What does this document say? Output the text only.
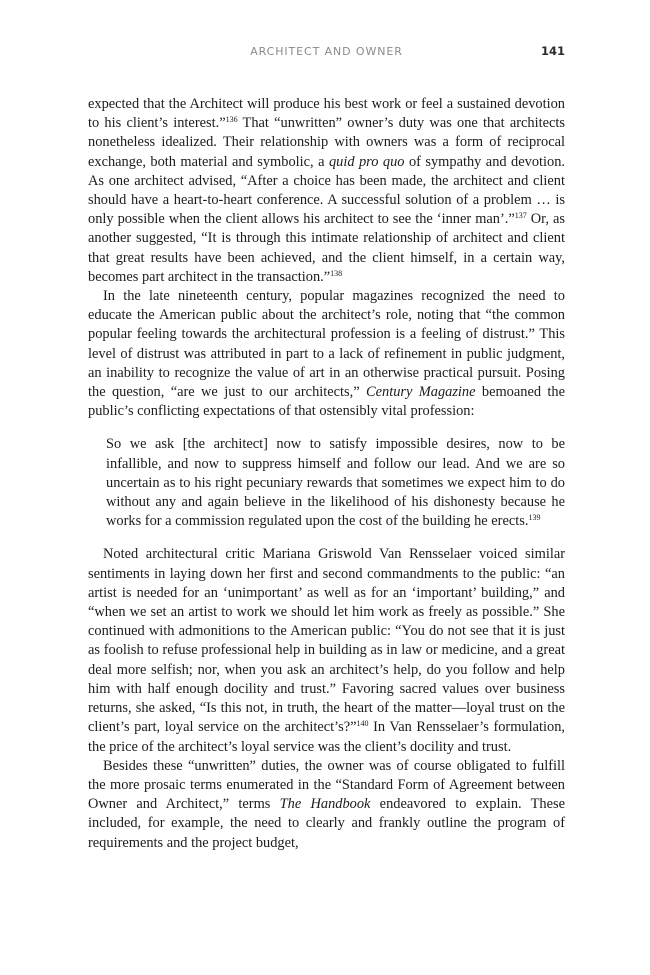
ARCHITECT AND OWNER	141

expected that the Architect will produce his best work or feel a sustained devotion to his client’s interest.”$^{136}$ That “unwritten” owner’s duty was one that architects nonetheless idealized. Their relationship with owners was a form of reciprocal exchange, both material and symbolic, a quid pro quo of sympathy and devotion. As one architect advised, “After a choice has been made, the architect and client should have a heart-to-heart conference. A successful solution of a problem … is only possible when the client allows his architect to see the ‘inner man’.”$^{137}$ Or, as another suggested, “It is through this intimate relationship of architect and client that great results have been achieved, and the client himself, in a certain way, becomes part architect in the transaction.”$^{138}$

In the late nineteenth century, popular magazines recognized the need to educate the American public about the architect’s role, noting that “the common popular feeling towards the architectural profession is a feeling of distrust.” This level of distrust was attributed in part to a lack of refinement in public judgment, an inability to recognize the value of art in an otherwise practical pursuit. Posing the question, “are we just to our architects,” Century Magazine bemoaned the public’s conflicting expectations of that ostensibly vital profession:

So we ask [the architect] now to satisfy impossible desires, now to be infallible, and now to suppress himself and follow our lead. And we are so uncertain as to his right pecuniary rewards that sometimes we expect him to do without any and again believe in the likelihood of his dishonesty because he works for a commission regulated upon the cost of the building he erects.$^{139}$

Noted architectural critic Mariana Griswold Van Rensselaer voiced similar sentiments in laying down her first and second commandments to the public: “an artist is needed for an ‘unimportant’ as well as for an ‘important’ building,” and “when we set an artist to work we should let him work as freely as possible.” She continued with admonitions to the American public: “You do not see that it is just as foolish to refuse professional help in building as in law or medicine, and a great deal more selfish; nor, when you ask an architect’s help, do you follow and help him with half enough docility and trust.” Favoring sacred values over business returns, she asked, “Is this not, in truth, the heart of the matter—loyal trust on the client’s part, loyal service on the architect’s?”$^{140}$ In Van Rensselaer’s formulation, the price of the architect’s loyal service was the client’s docility and trust.

Besides these “unwritten” duties, the owner was of course obligated to fulfill the more prosaic terms enumerated in the “Standard Form of Agreement between Owner and Architect,” terms The Handbook endeavored to explain. These included, for example, the need to clearly and frankly outline the program of requirements and the project budget,
